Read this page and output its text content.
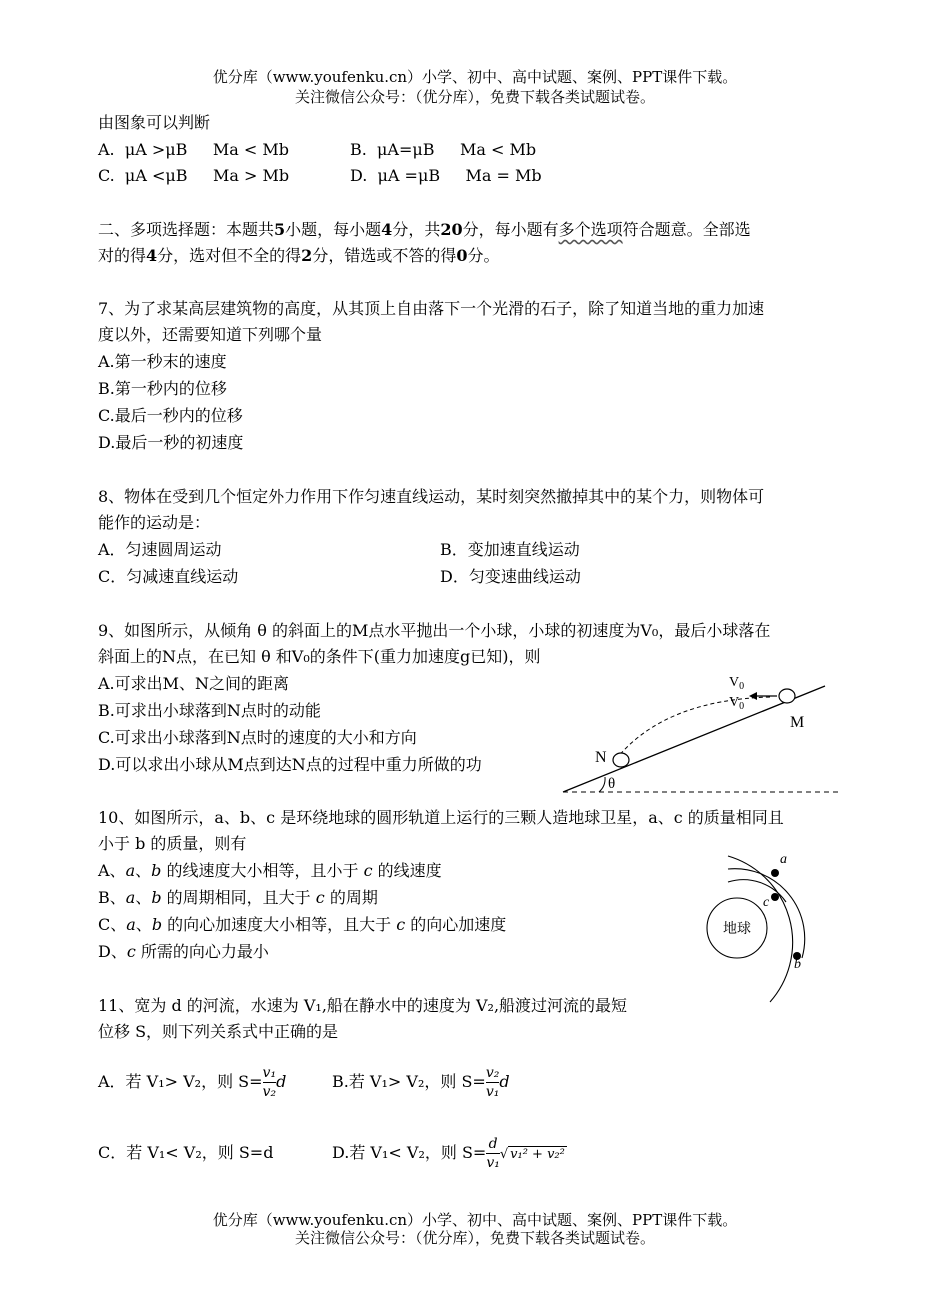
优分库（www.youfenku.cn）小学、初中、高中试题、案例、PPT课件下载。
关注微信公众号：（优分库），免费下载各类试题试卷。
由图象可以判断
A.  μA >μB     Ma < Mb	B.  μA=μB     Ma < Mb
C.  μA <μB     Ma > Mb	D.  μA =μB     Ma = Mb
二、多项选择题：本题共5小题，每小题4分，共20分，每小题有多个选项符合题意。全部选
对的得4分，选对但不全的得2分，错选或不答的得0分。
7、为了求某高层建筑物的高度，从其顶上自由落下一个光滑的石子，除了知道当地的重力加速
度以外，还需要知道下列哪个量
A.第一秒末的速度
B.第一秒内的位移
C.最后一秒内的位移
D.最后一秒的初速度
8、物体在受到几个恒定外力作用下作匀速直线运动，某时刻突然撤掉其中的某个力，则物体可
能作的运动是：
A．匀速圆周运动	B．变加速直线运动
C．匀减速直线运动	D．匀变速曲线运动
9、如图所示，从倾角 θ 的斜面上的M点水平抛出一个小球，小球的初速度为V₀，最后小球落在
斜面上的N点，在已知 θ 和V₀的条件下(重力加速度g已知)，则
A.可求出M、N之间的距离
B.可求出小球落到N点时的动能
C.可求出小球落到N点时的速度的大小和方向
D.可以求出小球从M点到达N点的过程中重力所做的功
$V_0$
$V_0$
M
N
θ
10、如图所示，a、b、c 是环绕地球的圆形轨道上运行的三颗人造地球卫星，a、c 的质量相同且
小于 b 的质量，则有
A、a、b 的线速度大小相等，且小于 c 的线速度
B、a、b 的周期相同，且大于 c 的周期
C、a、b 的向心加速度大小相等，且大于 c 的向心加速度
D、c 所需的向心力最小
地球
a
c
b
11、宽为 d 的河流，水速为 V₁,船在静水中的速度为 V₂,船渡过河流的最短
位移 S，则下列关系式中正确的是
A．若 V₁> V₂，则 $S= \frac{\text{v₁}}{\text{v₂}}$ d	B.若 V₁> V₂，则 $S= \frac{\text{v₂}}{\text{v₁}}$ d
C．若 V₁< V₂，则 S=d	D.若 V₁< V₂，则 $S= \frac{d}{\text{v₁}}$ √ v₁² + v₂²
优分库（www.youfenku.cn）小学、初中、高中试题、案例、PPT课件下载。
关注微信公众号：（优分库），免费下载各类试题试卷。
